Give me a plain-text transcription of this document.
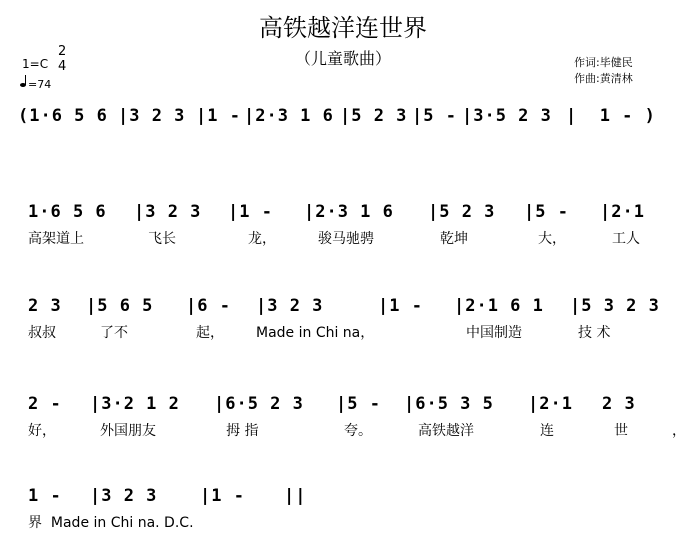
高铁越洋连世界
（儿童歌曲）	作词:毕健民
作曲:黄清林
1=C
2
4
=74
(1·6 5 6 |3 2 3 |1 - |2·3 1 6 |5 2 3 |5 - |3·5 2 3 |  1 - )
1·6 5 6 |3 2 3 |1 - |2·3 1 6 |5 2 3 |5 - |2·1
高架道上	飞长	龙，	骏马驰骋	乾坤	大，	工人
2 3 |5 6 5 |6 - |3 2 3	|1 - |2·1 6 1 |5 3 2 3
叔叔	了不	起， Made in Chi na，	中国制造	技 术
2 - |3·2 1 2 |6·5 2 3 |5 - |6·5 3 5 |2·1 2 3
好，	外国朋友	拇 指	夸。	高铁越洋	连	世	，
1 - |3 2 3	|1 - ||
界  Made in Chi na. D.C.
